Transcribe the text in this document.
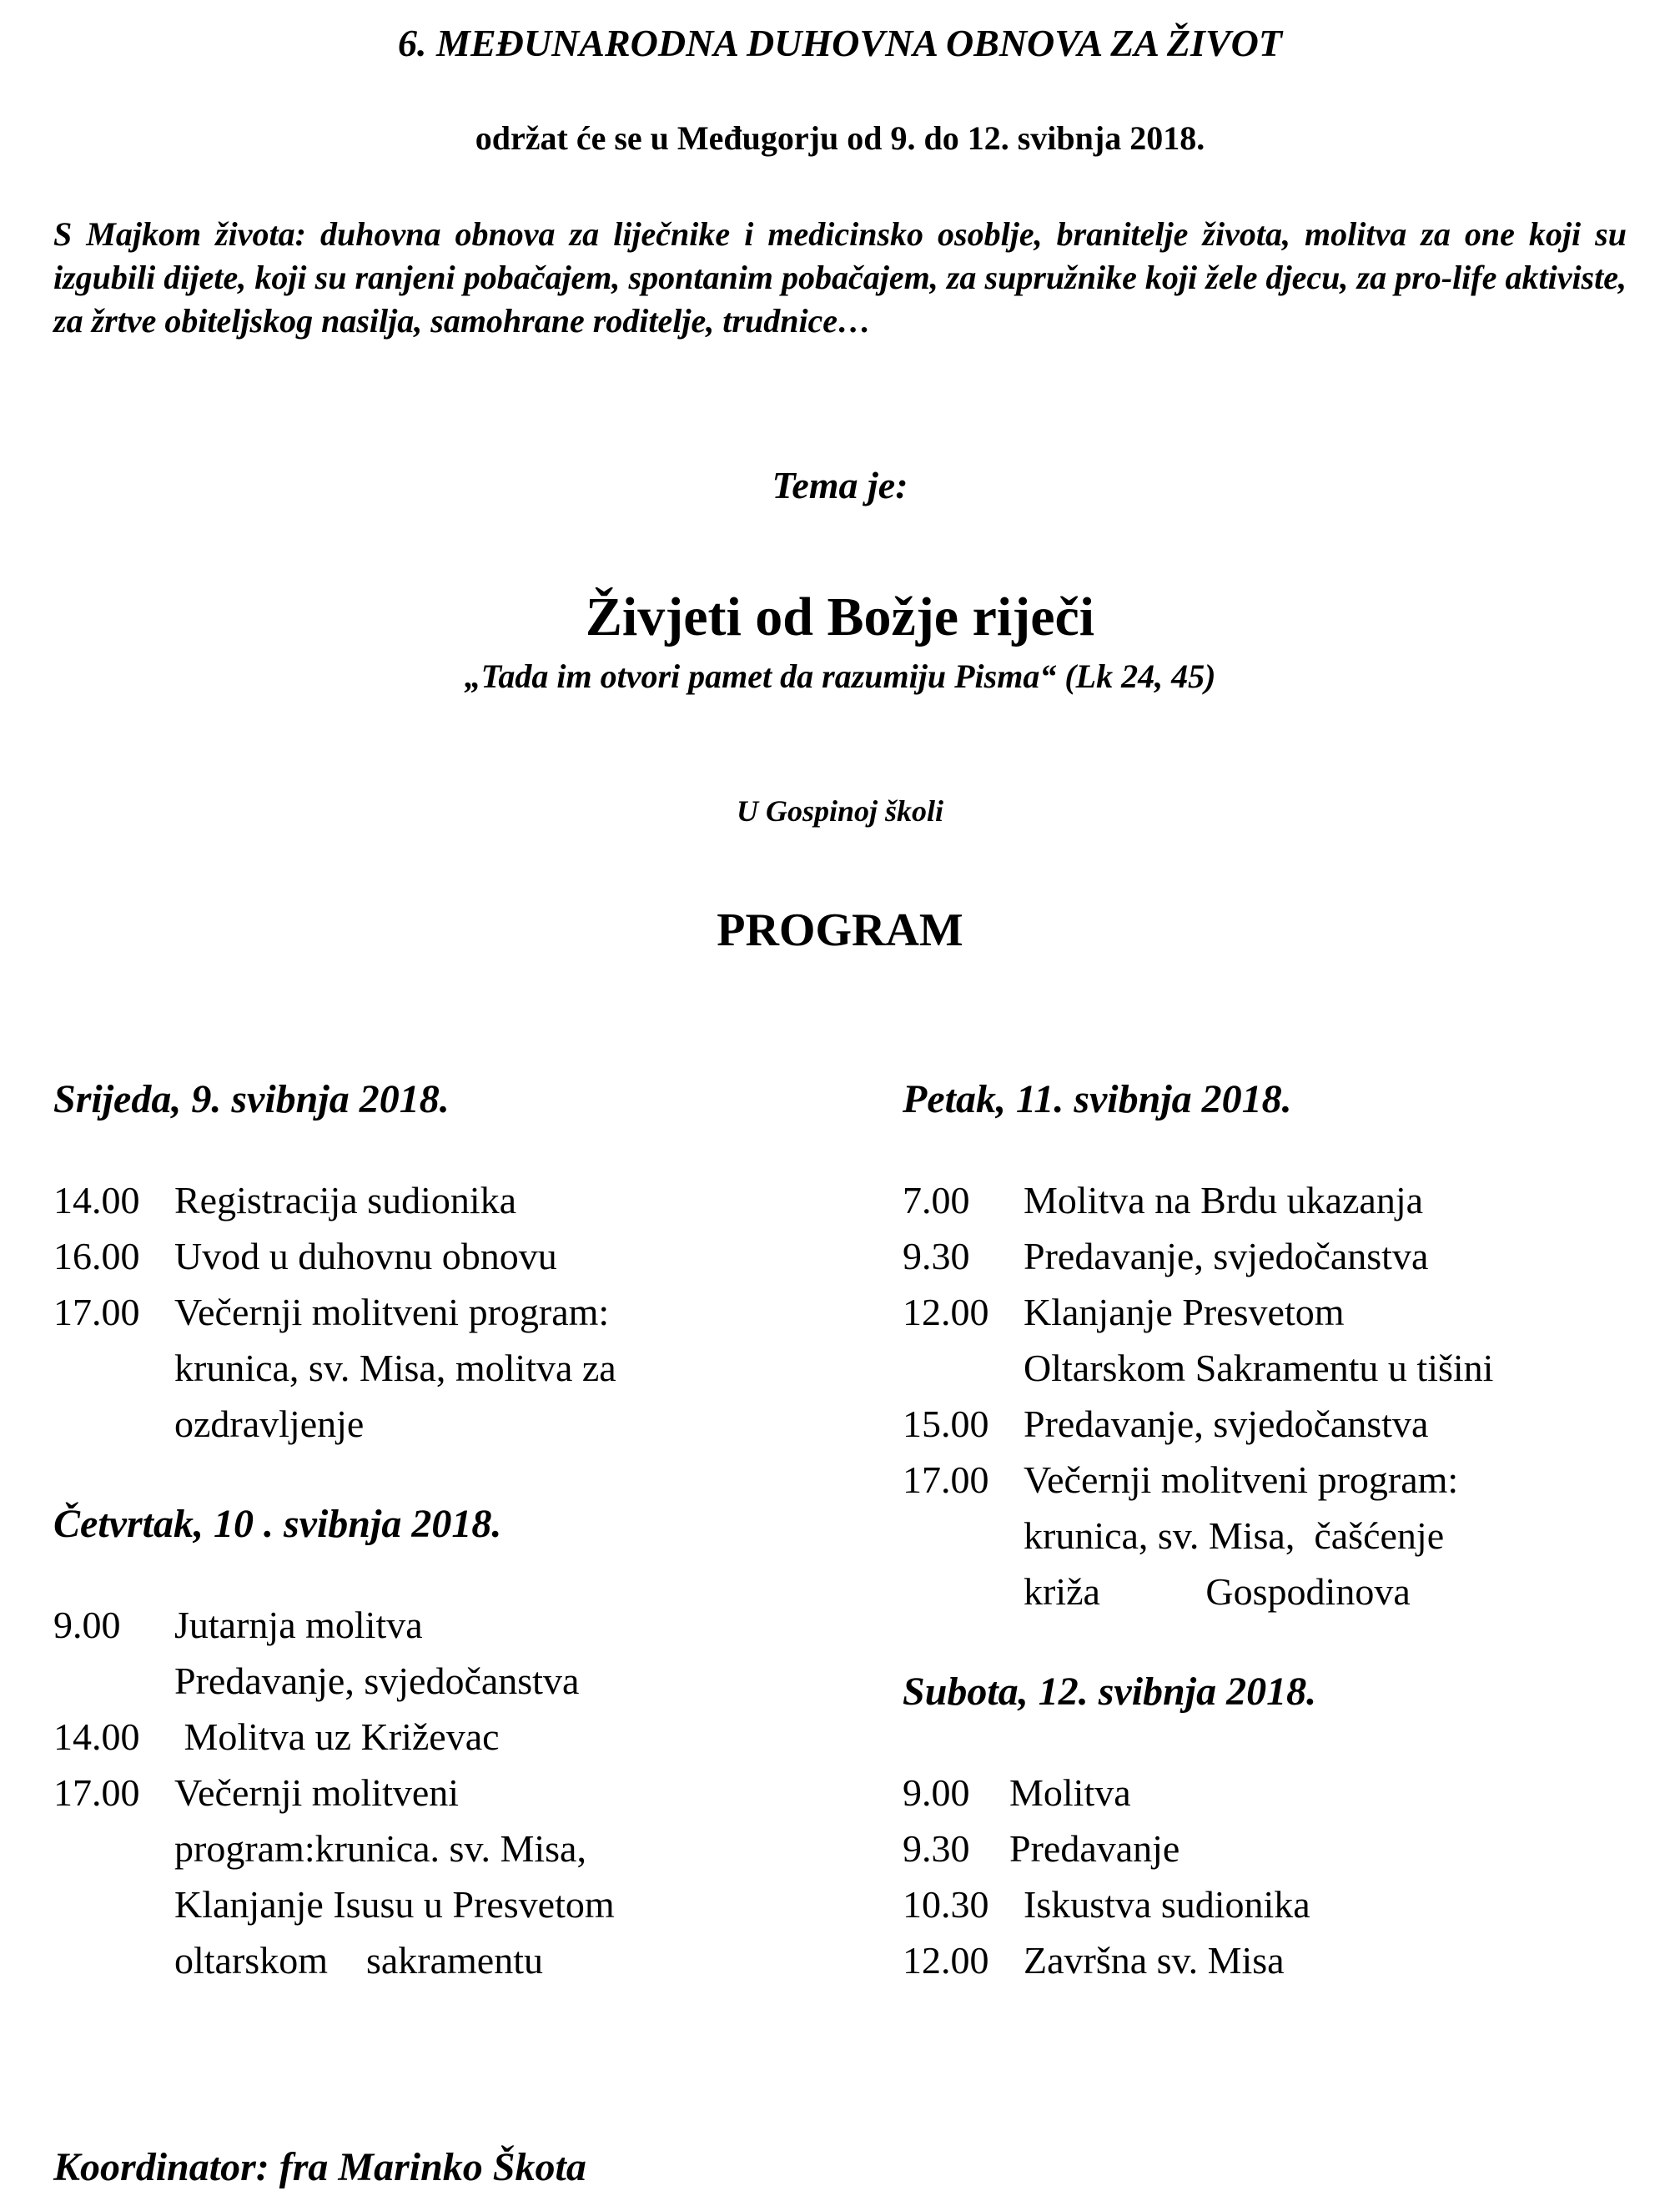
6. MEĐUNARODNA DUHOVNA OBNOVA ZA ŽIVOT
održat će se u Međugorju od 9. do 12. svibnja 2018.
S Majkom života: duhovna obnova za liječnike i medicinsko osoblje, branitelje života, molitva za one koji su izgubili dijete, koji su ranjeni pobačajem, spontanim pobačajem, za supružnike koji žele djecu, za pro-life aktiviste, za žrtve obiteljskog nasilja, samohrane roditelje, trudnice…
Tema je:
Živjeti od Božje riječi
„Tada im otvori pamet da razumiju Pisma“ (Lk 24, 45)
U Gospinoj školi
PROGRAM
Srijeda, 9. svibnja 2018.
14.00 Registracija sudionika
16.00 Uvod u duhovnu obnovu
17.00 Večernji molitveni program:
krunica, sv. Misa, molitva za
ozdravljenje
Četvrtak, 10 . svibnja 2018.
9.00	Jutarnja molitva
Predavanje, svjedočanstva
14.00 Molitva uz Križevac
17.00 Večernji molitveni
program:krunica. sv. Misa,
Klanjanje Isusu u Presvetom
oltarskom    sakramentu
Petak, 11. svibnja 2018.
7.00	Molitva na Brdu ukazanja
9.30	Predavanje, svjedočanstva
12.00 Klanjanje Presvetom
Oltarskom Sakramentu u tišini
15.00 Predavanje, svjedočanstva
17.00 Večernji molitveni program:
krunica, sv. Misa,  čašćenje
križa           Gospodinova
Subota, 12. svibnja 2018.
9.00	Molitva
9.30	Predavanje
10.30 Iskustva sudionika
12.00 Završna sv. Misa
Koordinator: fra Marinko Škota
